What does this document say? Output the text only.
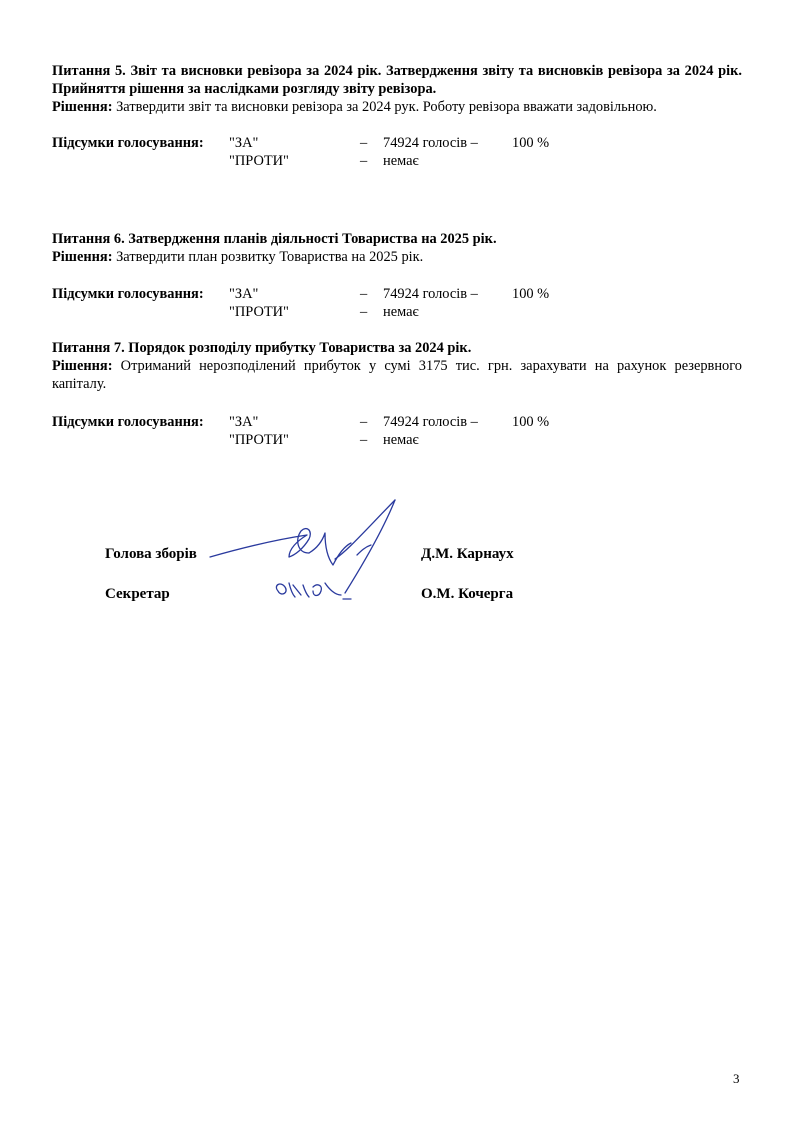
Питання 5. Звіт та висновки ревізора за 2024 рік. Затвердження звіту та висновків ревізора за 2024 рік. Прийняття рішення за наслідками розгляду звіту ревізора.
Рішення: Затвердити звіт та висновки ревізора за 2024 рук. Роботу ревізора вважати задовільною.
Підсумки голосування: "ЗА"	– 74924 голосів – 100 %
"ПРОТИ"	– немає
Питання 6. Затвердження планів діяльності Товариства на 2025 рік.
Рішення: Затвердити план розвитку Товариства на 2025 рік.
Підсумки голосування: "ЗА"	– 74924 голосів – 100 %
"ПРОТИ"	– немає
Питання 7. Порядок розподілу прибутку Товариства за 2024 рік.
Рішення: Отриманий нерозподілений прибуток у сумі 3175 тис. грн. зарахувати на рахунок резервного капіталу.
Підсумки голосування: "ЗА"	– 74924 голосів – 100 %
"ПРОТИ"	– немає
Голова зборів	Д.М. Карнаух
Секретар	О.М. Кочерга
3
